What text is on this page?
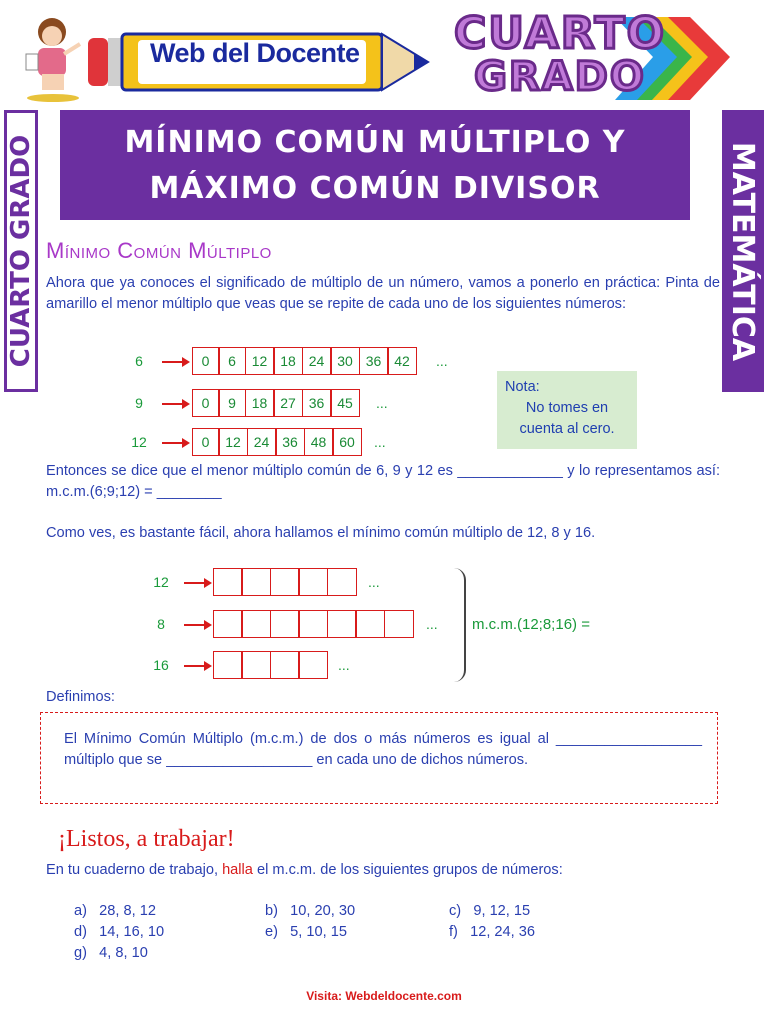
Web del Docente	CUARTO
GRADO
CUARTO GRADO	MATEMÁTICA
MÍNIMO COMÚN MÚLTIPLO Y
MÁXIMO COMÚN DIVISOR
Mínimo Común Múltiplo
Ahora que ya conoces el significado de múltiplo de un número, vamos a ponerlo en práctica: Pinta de amarillo el menor múltiplo que veas que se repite de cada uno de los siguientes números:
6	0	6	12 18 24 30 36 42	...
9	0	9	18 27 36 45	...
12	0	12 24 36 48 60	...
Nota:
No tomes en
cuenta al cero.
Entonces se dice que el menor múltiplo común de 6, 9 y 12 es _____________ y lo representamos así: m.c.m.(6;9;12) = ________
Como ves, es bastante fácil, ahora hallamos el mínimo común múltiplo de 12, 8 y 16.
12	...
8	...
16	...
m.c.m.(12;8;16) =
Definimos:
El Mínimo Común Múltiplo (m.c.m.) de dos o más números es igual al __________________ múltiplo que se __________________ en cada uno de dichos números.
¡Listos, a trabajar!
En tu cuaderno de trabajo, halla el m.c.m. de los siguientes grupos de números:
a) 28, 8, 12	b) 10, 20, 30	c) 9, 12, 15
d) 14, 16, 10	e) 5, 10, 15	f) 12, 24, 36
g) 4, 8, 10
Visita: Webdeldocente.com
